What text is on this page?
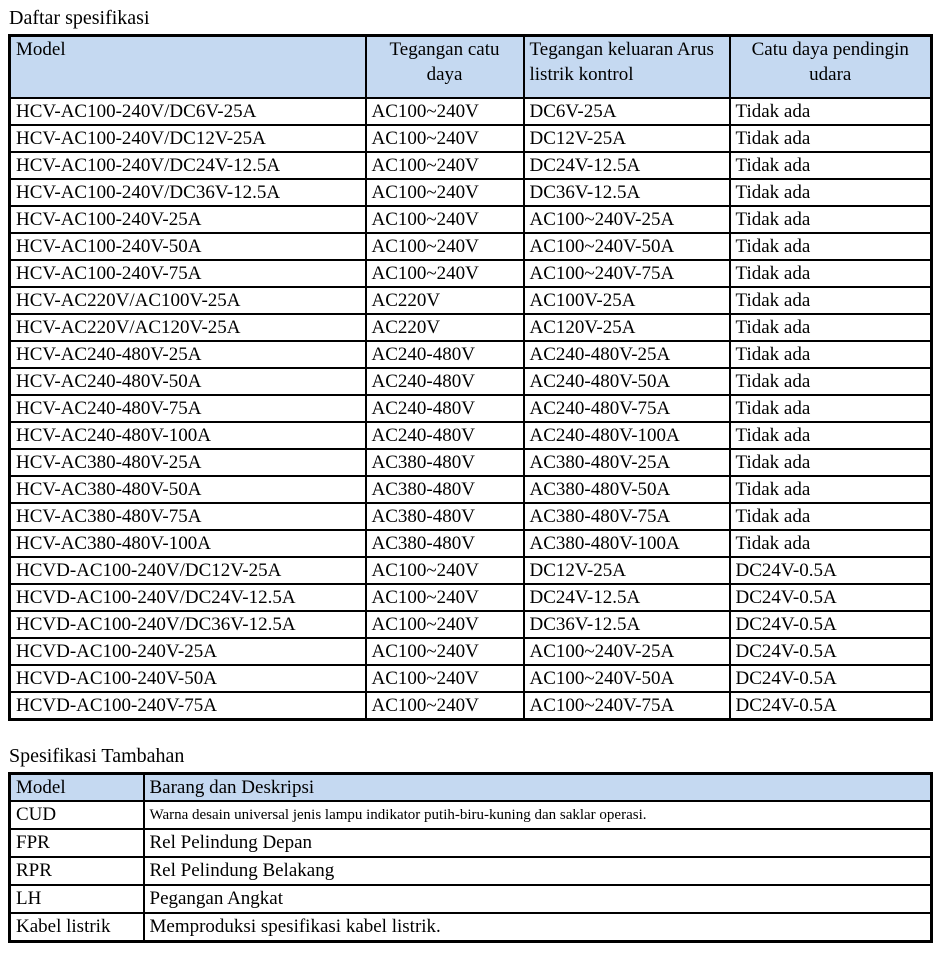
Daftar spesifikasi
Model	Tegangan catu daya	Tegangan keluaran Arus listrik kontrol	Catu daya pendingin udara
HCV-AC100-240V/DC6V-25A	AC100~240V	DC6V-25A	Tidak ada
HCV-AC100-240V/DC12V-25A	AC100~240V	DC12V-25A	Tidak ada
HCV-AC100-240V/DC24V-12.5A	AC100~240V	DC24V-12.5A	Tidak ada
HCV-AC100-240V/DC36V-12.5A	AC100~240V	DC36V-12.5A	Tidak ada
HCV-AC100-240V-25A	AC100~240V	AC100~240V-25A	Tidak ada
HCV-AC100-240V-50A	AC100~240V	AC100~240V-50A	Tidak ada
HCV-AC100-240V-75A	AC100~240V	AC100~240V-75A	Tidak ada
HCV-AC220V/AC100V-25A	AC220V	AC100V-25A	Tidak ada
HCV-AC220V/AC120V-25A	AC220V	AC120V-25A	Tidak ada
HCV-AC240-480V-25A	AC240-480V	AC240-480V-25A	Tidak ada
HCV-AC240-480V-50A	AC240-480V	AC240-480V-50A	Tidak ada
HCV-AC240-480V-75A	AC240-480V	AC240-480V-75A	Tidak ada
HCV-AC240-480V-100A	AC240-480V	AC240-480V-100A	Tidak ada
HCV-AC380-480V-25A	AC380-480V	AC380-480V-25A	Tidak ada
HCV-AC380-480V-50A	AC380-480V	AC380-480V-50A	Tidak ada
HCV-AC380-480V-75A	AC380-480V	AC380-480V-75A	Tidak ada
HCV-AC380-480V-100A	AC380-480V	AC380-480V-100A	Tidak ada
HCVD-AC100-240V/DC12V-25A	AC100~240V	DC12V-25A	DC24V-0.5A
HCVD-AC100-240V/DC24V-12.5A	AC100~240V	DC24V-12.5A	DC24V-0.5A
HCVD-AC100-240V/DC36V-12.5A	AC100~240V	DC36V-12.5A	DC24V-0.5A
HCVD-AC100-240V-25A	AC100~240V	AC100~240V-25A	DC24V-0.5A
HCVD-AC100-240V-50A	AC100~240V	AC100~240V-50A	DC24V-0.5A
HCVD-AC100-240V-75A	AC100~240V	AC100~240V-75A	DC24V-0.5A
Spesifikasi Tambahan
Model	Barang dan Deskripsi
CUD	Warna desain universal jenis lampu indikator putih-biru-kuning dan saklar operasi.
FPR	Rel Pelindung Depan
RPR	Rel Pelindung Belakang
LH	Pegangan Angkat
Kabel listrik	Memproduksi spesifikasi kabel listrik.
